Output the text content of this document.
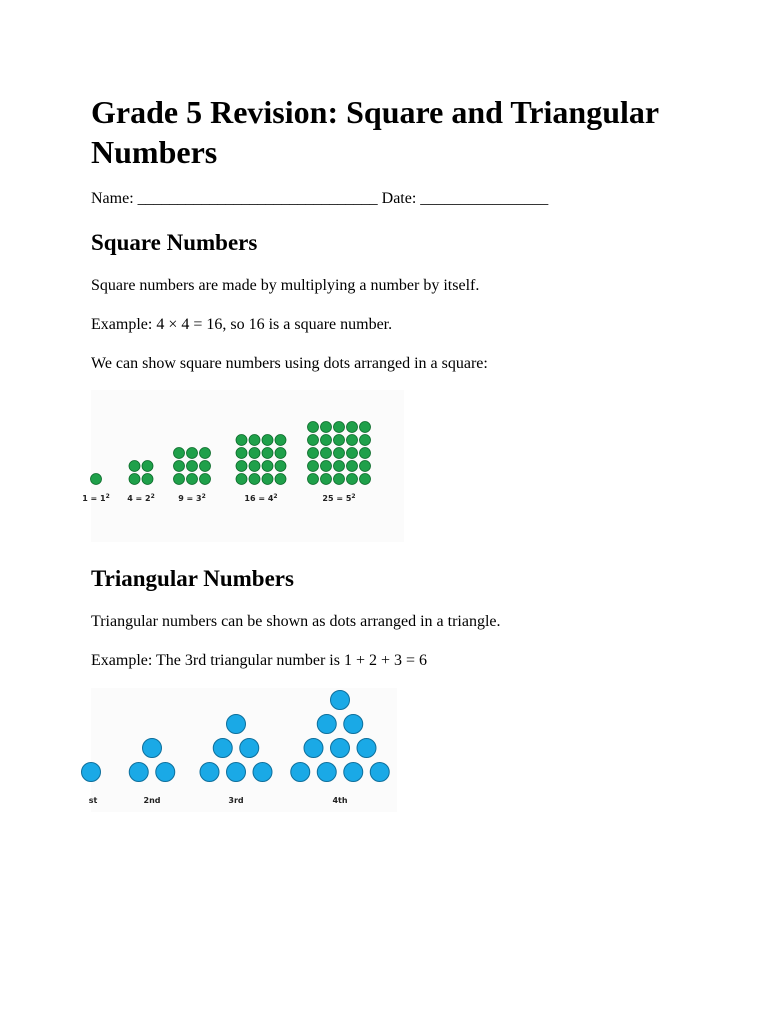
Grade 5 Revision: Square and Triangular Numbers

Name: ______________________________ Date: ________________

Square Numbers

Square numbers are made by multiplying a number by itself.

Example: 4 × 4 = 16, so 16 is a square number.

We can show square numbers using dots arranged in a square:

$1 = 1^2$ $4 = 2^2$	$9 = 3^2$	$16 = 4^2$	$25 = 5^2$
Triangular Numbers

Triangular numbers can be shown as dots arranged in a triangle.

Example: The 3rd triangular number is 1 + 2 + 3 = 6

st	2nd	3rd	4th
